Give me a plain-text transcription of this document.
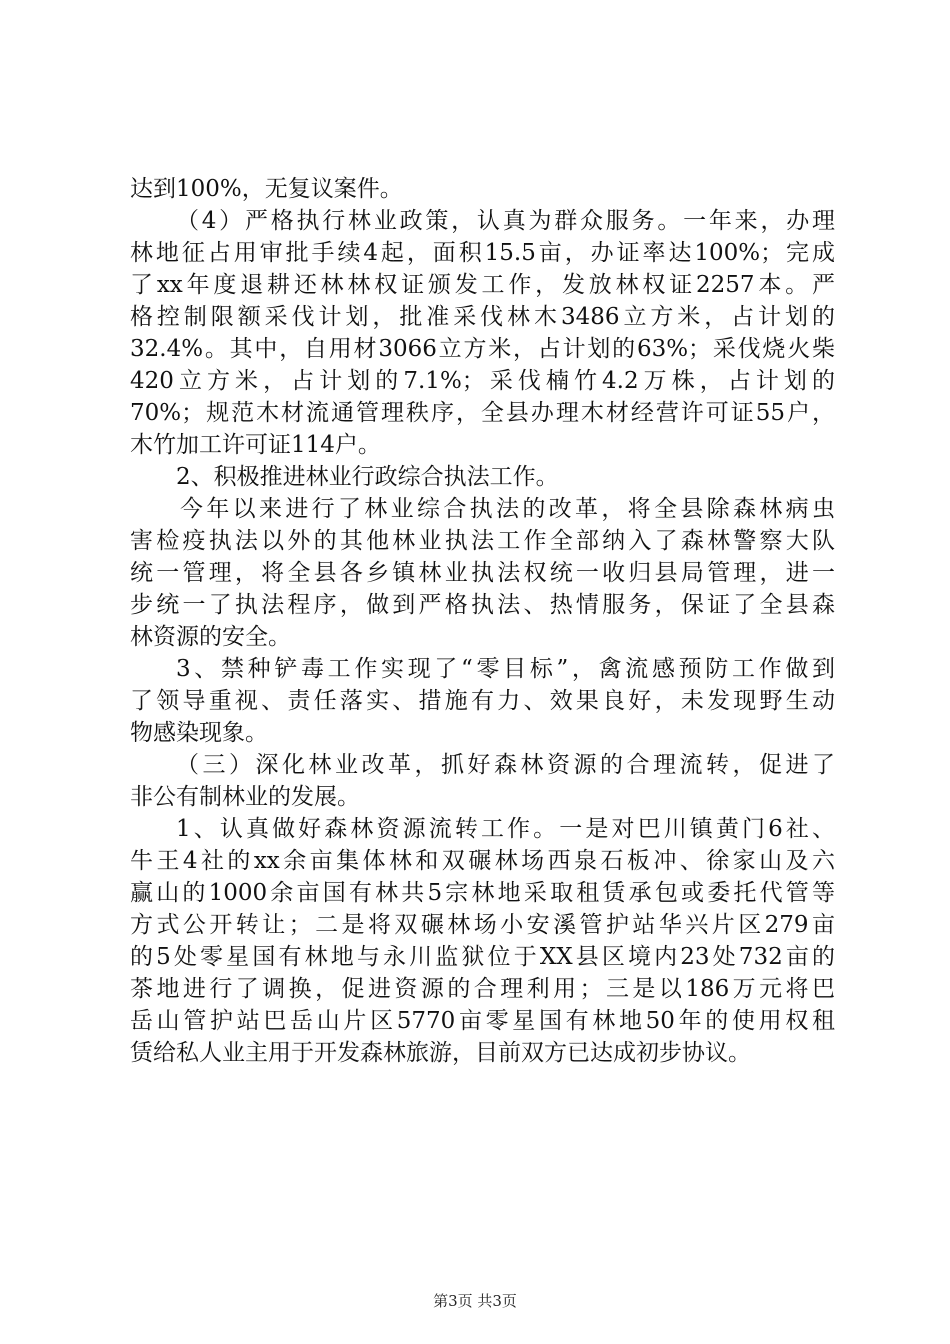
达到100%，无复议案件。
（4）严格执行林业政策，认真为群众服务。一年来，办理
林地征占用审批手续4起，面积15.5亩，办证率达100%；完成
了xx年度退耕还林林权证颁发工作，发放林权证2257本。严
格控制限额采伐计划，批准采伐林木3486立方米，占计划的
32.4%。其中，自用材3066立方米，占计划的63%；采伐烧火柴
420立方米，占计划的7.1%；采伐楠竹4.2万株，占计划的
70%；规范木材流通管理秩序，全县办理木材经营许可证55户，
木竹加工许可证114户。
2、积极推进林业行政综合执法工作。
今年以来进行了林业综合执法的改革，将全县除森林病虫
害检疫执法以外的其他林业执法工作全部纳入了森林警察大队
统一管理，将全县各乡镇林业执法权统一收归县局管理，进一
步统一了执法程序，做到严格执法、热情服务，保证了全县森
林资源的安全。
3、禁种铲毒工作实现了“零目标”，禽流感预防工作做到
了领导重视、责任落实、措施有力、效果良好，未发现野生动
物感染现象。
（三）深化林业改革，抓好森林资源的合理流转，促进了
非公有制林业的发展。
1、认真做好森林资源流转工作。一是对巴川镇黄门6社、
牛王4社的xx余亩集体林和双碾林场西泉石板冲、徐家山及六
赢山的1000余亩国有林共5宗林地采取租赁承包或委托代管等
方式公开转让；二是将双碾林场小安溪管护站华兴片区279亩
的5处零星国有林地与永川监狱位于XX县区境内23处732亩的
茶地进行了调换，促进资源的合理利用；三是以186万元将巴
岳山管护站巴岳山片区5770亩零星国有林地50年的使用权租
赁给私人业主用于开发森林旅游，目前双方已达成初步协议。
第3页 共3页
